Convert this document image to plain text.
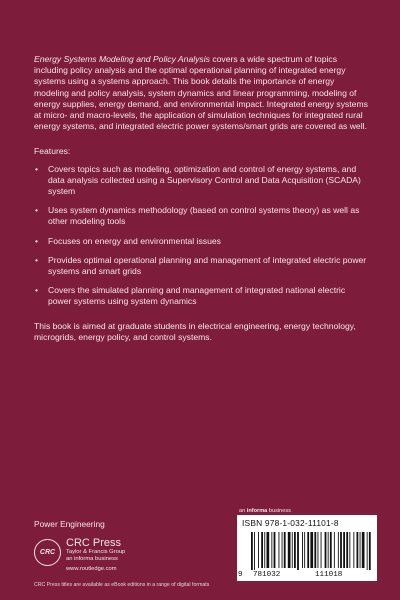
Energy Systems Modeling and Policy Analysis covers a wide spectrum of topics including policy analysis and the optimal operational planning of integrated energy systems using a systems approach. This book details the importance of energy modeling and policy analysis, system dynamics and linear programming, modeling of energy supplies, energy demand, and environmental impact. Integrated energy systems at micro- and macro-levels, the application of simulation techniques for integrated rural energy systems, and integrated electric power systems/smart grids are covered as well.

Features:

• Covers topics such as modeling, optimization and control of energy systems, and data analysis collected using a Supervisory Control and Data Acquisition (SCADA) system
• Uses system dynamics methodology (based on control systems theory) as well as other modeling tools
• Focuses on energy and environmental issues
• Provides optimal operational planning and management of integrated electric power systems and smart grids
• Covers the simulated planning and management of integrated national electric power systems using system dynamics

This book is aimed at graduate students in electrical engineering, energy technology, microgrids, energy policy, and control systems.

Power Engineering
CRC
CRC Press
Taylor & Francis Group
an informa business
www.routledge.com
CRC Press titles are available as eBook editions in a range of digital formats
an informa business
ISBN 978-1-032-11101-8
9 781032	111018
